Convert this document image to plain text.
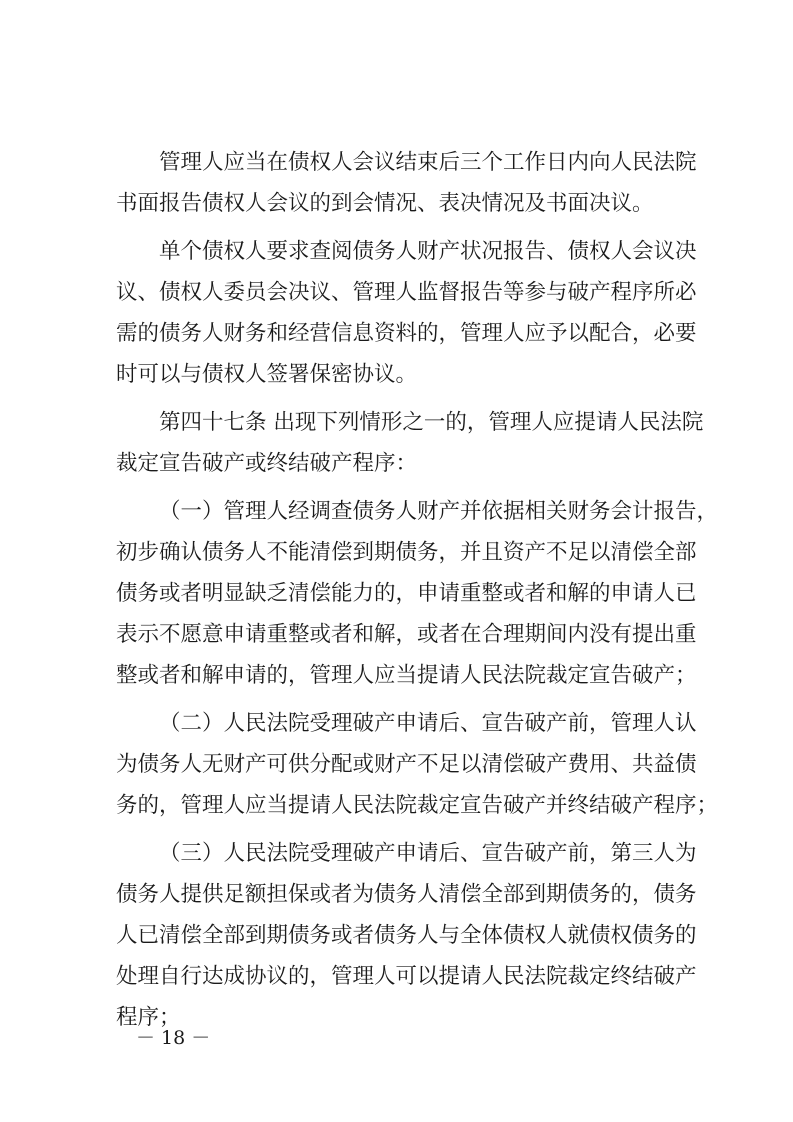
管理人应当在债权人会议结束后三个工作日内向人民法院
书面报告债权人会议的到会情况、表决情况及书面决议。
单个债权人要求查阅债务人财产状况报告、债权人会议决
议、债权人委员会决议、管理人监督报告等参与破产程序所必
需的债务人财务和经营信息资料的，管理人应予以配合，必要
时可以与债权人签署保密协议。
第四十七条 出现下列情形之一的，管理人应提请人民法院
裁定宣告破产或终结破产程序：
（一）管理人经调查债务人财产并依据相关财务会计报告，
初步确认债务人不能清偿到期债务，并且资产不足以清偿全部
债务或者明显缺乏清偿能力的，申请重整或者和解的申请人已
表示不愿意申请重整或者和解，或者在合理期间内没有提出重
整或者和解申请的，管理人应当提请人民法院裁定宣告破产；
（二）人民法院受理破产申请后、宣告破产前，管理人认
为债务人无财产可供分配或财产不足以清偿破产费用、共益债
务的，管理人应当提请人民法院裁定宣告破产并终结破产程序；
（三）人民法院受理破产申请后、宣告破产前，第三人为
债务人提供足额担保或者为债务人清偿全部到期债务的，债务
人已清偿全部到期债务或者债务人与全体债权人就债权债务的
处理自行达成协议的，管理人可以提请人民法院裁定终结破产
程序；
－ 18 －
